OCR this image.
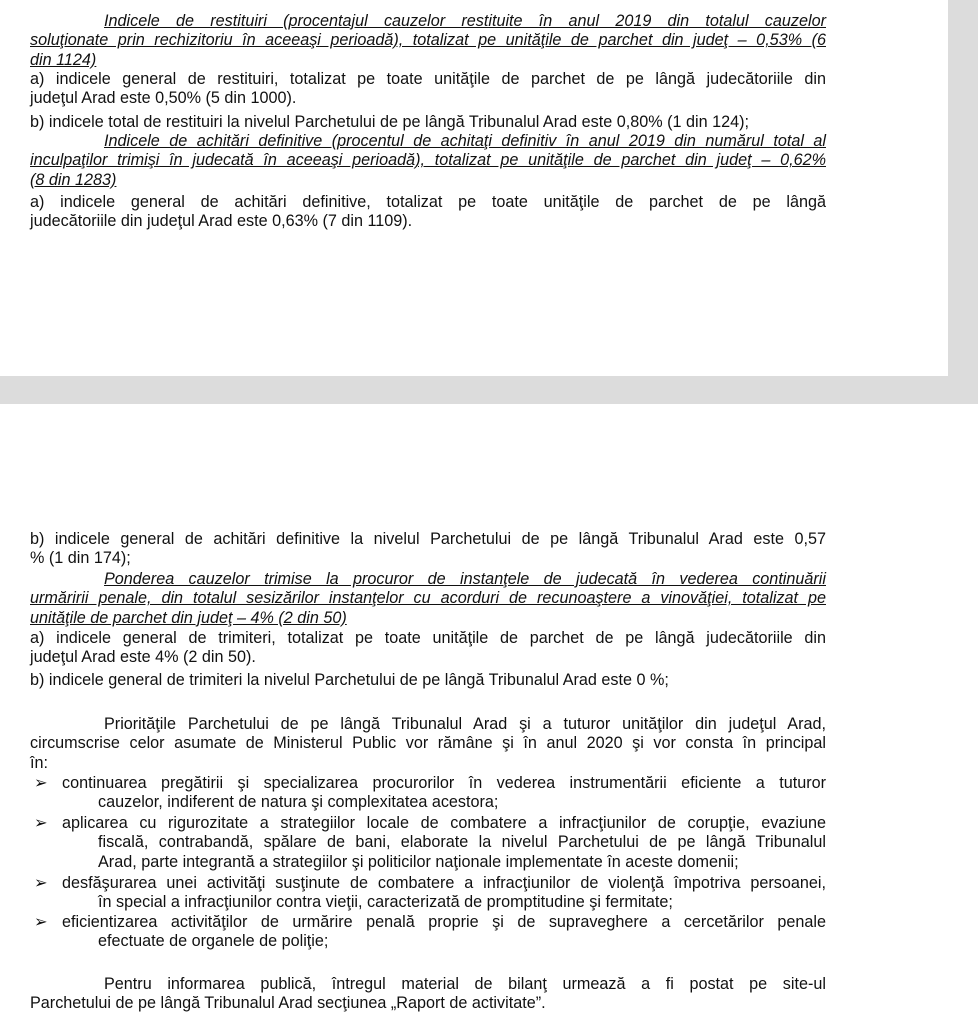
Indicele de restituiri (procentajul cauzelor restituite în anul 2019 din totalul cauzelor
soluţionate prin rechizitoriu în aceeaşi perioadă), totalizat pe unităţile de parchet din judeţ – 0,53% (6
din 1124)
a) indicele general de restituiri, totalizat pe toate unităţile de parchet de pe lângă judecătoriile din
judeţul Arad este 0,50% (5 din 1000).
b) indicele total de restituiri la nivelul Parchetului de pe lângă Tribunalul Arad este 0,80% (1 din 124);
Indicele de achitări definitive (procentul de achitaţi definitiv în anul 2019 din numărul total al
inculpaţilor trimişi în judecată în aceeaşi perioadă), totalizat pe unităţile de parchet din judeţ – 0,62%
(8 din 1283)
a) indicele general de achitări definitive, totalizat pe toate unităţile de parchet de pe lângă
judecătoriile din judeţul Arad este 0,63% (7 din 1109).
b) indicele general de achitări definitive la nivelul Parchetului de pe lângă Tribunalul Arad este 0,57
% (1 din 174);
Ponderea cauzelor trimise la procuror de instanţele de judecată în vederea continuării
urmăririi penale, din totalul sesizărilor instanţelor cu acorduri de recunoaştere a vinovăţiei, totalizat pe
unităţile de parchet din judeţ – 4% (2 din 50)
a) indicele general de trimiteri, totalizat pe toate unităţile de parchet de pe lângă judecătoriile din
judeţul Arad este 4% (2 din 50).
b) indicele general de trimiteri la nivelul Parchetului de pe lângă Tribunalul Arad este 0 %;
Priorităţile Parchetului de pe lângă Tribunalul Arad şi a tuturor unităţilor din judeţul Arad,
circumscrise celor asumate de Ministerul Public vor rămâne şi în anul 2020 şi vor consta în principal
în:
➢ continuarea pregătirii şi specializarea procurorilor în vederea instrumentării eficiente a tuturor
cauzelor, indiferent de natura şi complexitatea acestora;
➢ aplicarea cu rigurozitate a strategiilor locale de combatere a infracţiunilor de corupţie, evaziune
fiscală, contrabandă, spălare de bani, elaborate la nivelul Parchetului de pe lângă Tribunalul
Arad, parte integrantă a strategiilor şi politicilor naţionale implementate în aceste domenii;
➢ desfăşurarea unei activităţi susţinute de combatere a infracţiunilor de violenţă împotriva persoanei,
în special a infracţiunilor contra vieţii, caracterizată de promptitudine şi fermitate;
➢ eficientizarea activităţilor de urmărire penală proprie şi de supraveghere a cercetărilor penale
efectuate de organele de poliţie;
Pentru informarea publică, întregul material de bilanţ urmează a fi postat pe site-ul
Parchetului de pe lângă Tribunalul Arad secţiunea „Raport de activitate”.
